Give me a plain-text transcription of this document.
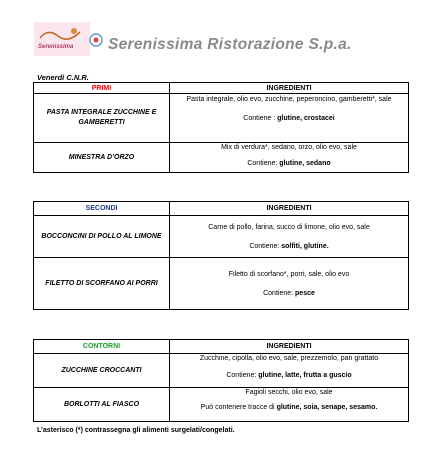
Serenissima Serenissima Ristorazione S.p.a.
Venerdì C.N.R.
PRIMI	INGREDIENTI
PASTA INTEGRALE ZUCCHINE E GAMBERETTI	Pasta integrale, olio evo, zucchine, peperoncino, gamberetti*, sale
Contiene : glutine, crostacei

MINESTRA D’ORZO	Mix di verdura*, sedano, orzo, olio evo, sale
Contiene: glutine, sedano
SECONDI	INGREDIENTI
BOCCONCINI DI POLLO AL LIMONE	Carne di pollo, farina, succo di limone, olio evo, sale
Contiene: solfiti, glutine.

FILETTO DI SCORFANO AI PORRI	Filetto di scorfano*, porri, sale, olio evo
Contiene: pesce
CONTORNI	INGREDIENTI
ZUCCHINE CROCCANTI	Zucchine, cipolla, olio evo, sale, prezzemolo, pan grattato
Contiene: glutine, latte, frutta a guscio

BORLOTTI AL FIASCO	Fagioli secchi, olio evo, sale
Può contenere tracce di glutine, soia, senape, sesamo.
L’asterisco (*) contrassegna gli alimenti surgelati/congelati.
